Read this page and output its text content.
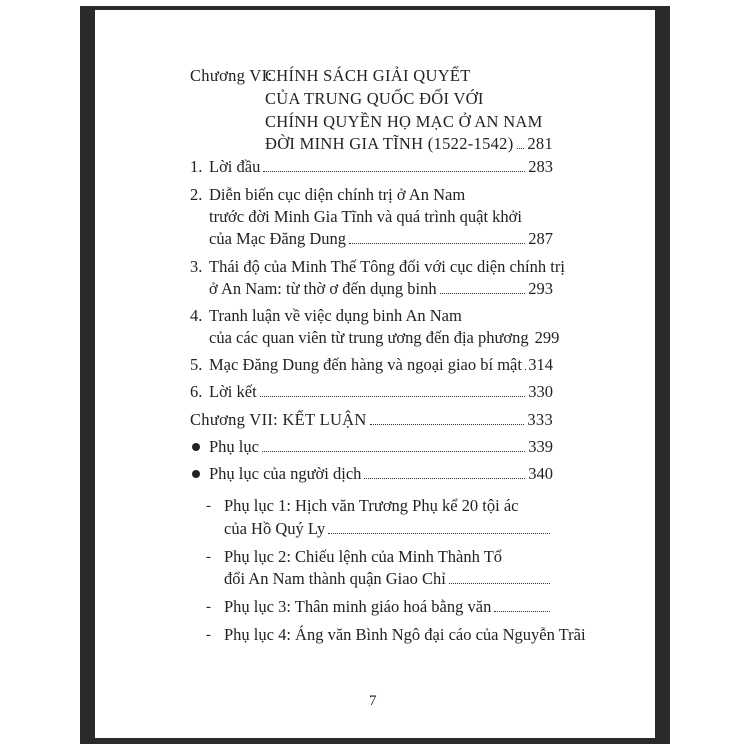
Chương VI:
CHÍNH SÁCH GIẢI QUYẾT
CỦA TRUNG QUỐC ĐỐI VỚI
CHÍNH QUYỀN HỌ MẠC Ở AN NAM
ĐỜI MINH GIA TĨNH (1522-1542) 281
1. Lời đầu	283
2. Diễn biến cục diện chính trị ở An Nam
trước đời Minh Gia Tĩnh và quá trình quật khởi
của Mạc Đăng Dung	287
3. Thái độ của Minh Thế Tông đối với cục diện chính trị
ở An Nam: từ thờ ơ đến dụng binh	293
4. Tranh luận về việc dụng binh An Nam
của các quan viên từ trung ương đến địa phương 299
5. Mạc Đăng Dung đến hàng và ngoại giao bí mật 314
6. Lời kết	330
Chương VII: KẾT LUẬN	333
Phụ lục	339
Phụ lục của người dịch	340
- Phụ lục 1: Hịch văn Trương Phụ kể 20 tội ác
của Hồ Quý Ly
- Phụ lục 2: Chiếu lệnh của Minh Thành Tổ
đổi An Nam thành quận Giao Chỉ
- Phụ lục 3: Thân minh giáo hoá bằng văn
- Phụ lục 4: Áng văn Bình Ngô đại cáo của Nguyễn Trãi
7
